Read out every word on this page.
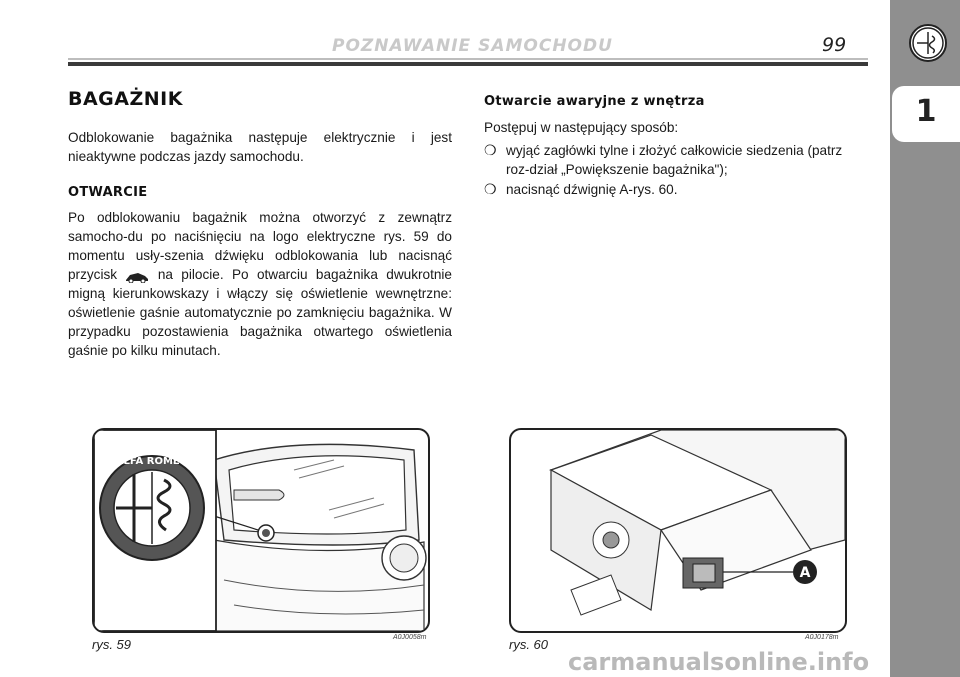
POZNAWANIE SAMOCHODU	99
1
BAGAŻNIK
Odblokowanie bagażnika następuje elektrycznie i jest nieaktywne podczas jazdy samochodu.
OTWARCIE
Po odblokowaniu bagażnik można otworzyć z zewnątrz samocho-du po naciśnięciu na logo elektryczne rys. 59 do momentu usły-szenia dźwięku odblokowania lub nacisnąć przycisk	na pilocie. Po otwarciu bagażnika dwukrotnie migną kierunkowskazy i włączy się oświetlenie wewnętrzne: oświetlenie gaśnie automatycznie po zamknięciu bagażnika. W przypadku pozostawienia bagażnika otwartego oświetlenia gaśnie po kilku minutach.
Otwarcie awaryjne z wnętrza
Postępuj w następujący sposób:
❍ wyjąć zagłówki tylne i złożyć całkowicie siedzenia (patrz roz-dział „Powiększenie bagażnika");
❍ nacisnąć dźwignię A-rys. 60.
ALFA ROMEO
rys. 59	A0J0058m
A
rys. 60	A0J0178m
carmanualsonline.info
